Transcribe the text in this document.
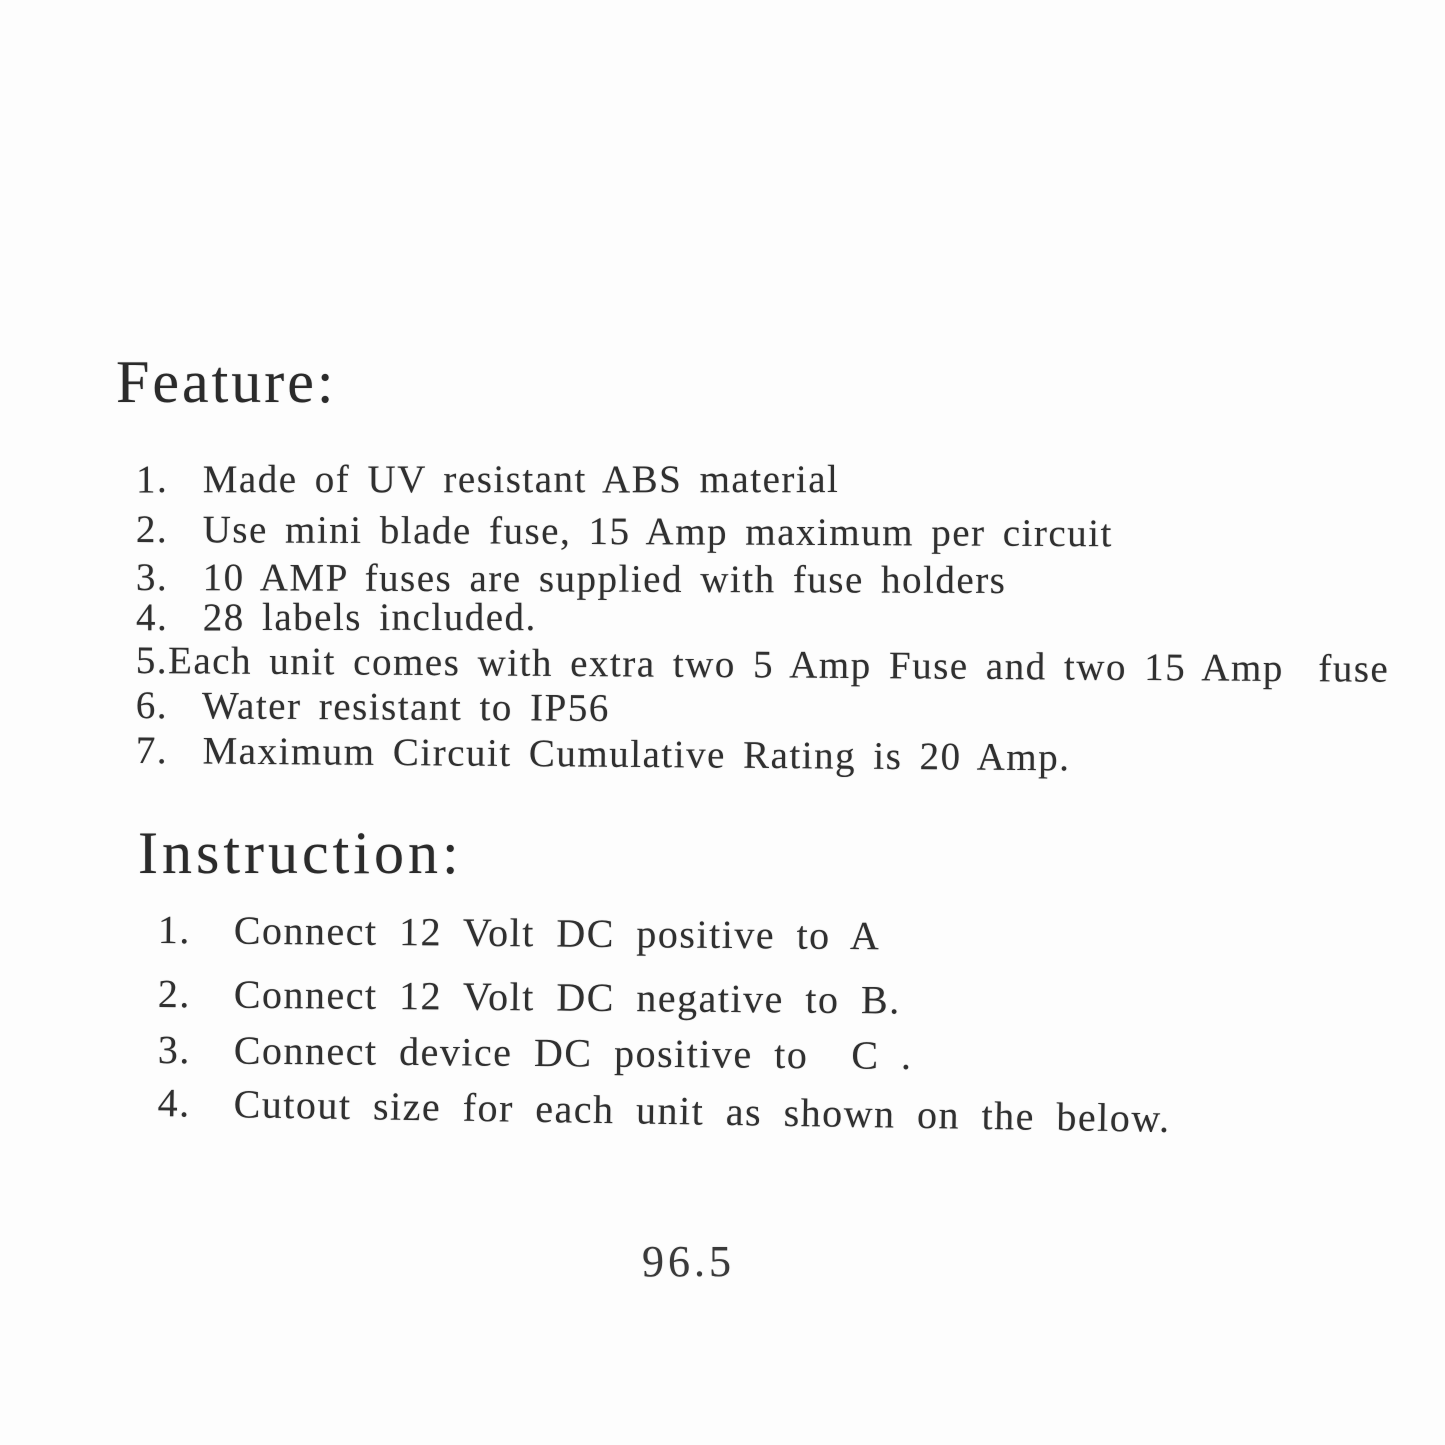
Feature:
1.  Made of UV resistant ABS material
2.  Use mini blade fuse, 15 Amp maximum per circuit
3.  10 AMP fuses are supplied with fuse holders
4.  28 labels included.
5.Each unit comes with extra two 5 Amp Fuse and two 15 Amp  fuse
6.  Water resistant to IP56
7.  Maximum Circuit Cumulative Rating is 20 Amp.
Instruction:
1.  Connect 12 Volt DC positive to A
2.  Connect 12 Volt DC negative to B.
3.  Connect device DC positive to  C .
4.  Cutout size for each unit as shown on the below.
96.5
